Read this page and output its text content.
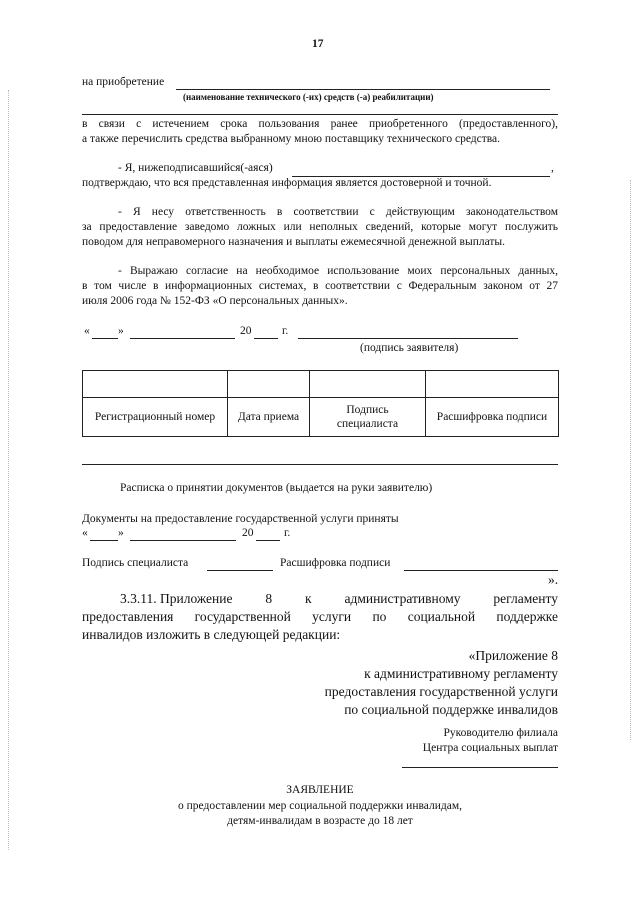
17
на приобретение
(наименование технического (-их) средств (-а) реабилитации)
в связи с истечением срока пользования ранее приобретенного (предоставленного),
а также перечислить средства выбранному мною поставщику технического средства.
- Я, нижеподписавшийся(-аяся)	,
подтверждаю, что вся представленная информация является достоверной и точной.
- Я несу ответственность в соответствии с действующим законодательством
за предоставление заведомо ложных или неполных сведений, которые могут послужить
поводом для неправомерного назначения и выплаты ежемесячной денежной выплаты.
- Выражаю согласие на необходимое использование моих персональных данных,
в том числе в информационных системах, в соответствии с Федеральным законом от 27
июля 2006 года № 152-ФЗ «О персональных данных».
« »	20	г.
(подпись заявителя)

Регистрационный номер	Дата приема	Подпись специалиста	Расшифровка подписи
Расписка о принятии документов (выдается на руки заявителю)
Документы на предоставление государственной услуги приняты
«	»	20	г.
Подпись специалиста	Расшифровка подписи
».
3.3.11. Приложение 8 к административному регламенту
предоставления государственной услуги по социальной поддержке
инвалидов изложить в следующей редакции:
«Приложение 8
к административному регламенту
предоставления государственной услуги
по социальной поддержке инвалидов
Руководителю филиала
Центра социальных выплат
ЗАЯВЛЕНИЕ
о предоставлении мер социальной поддержки инвалидам,
детям-инвалидам в возрасте до 18 лет
